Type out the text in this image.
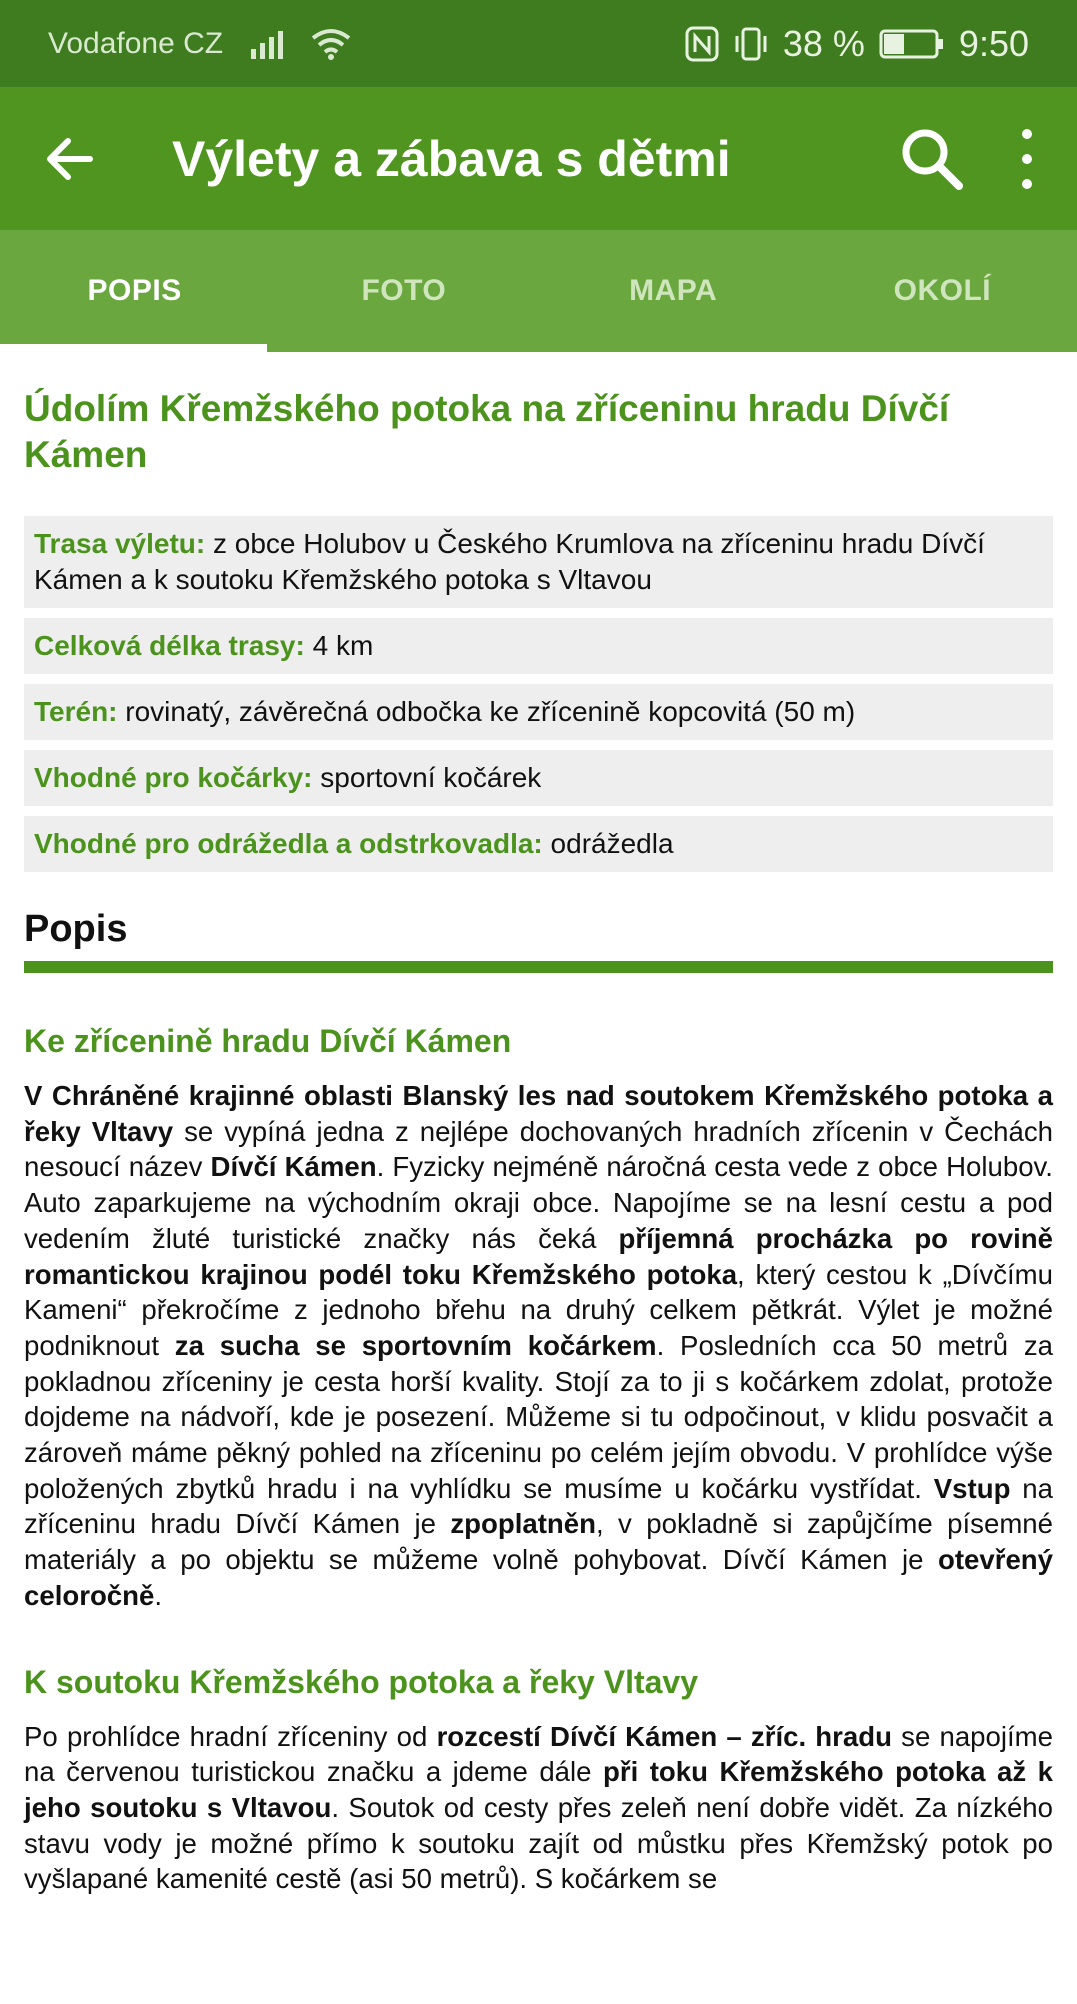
Vodafone CZ	38 %	9:50
Výlety a zábava s dětmi
POPIS	FOTO	MAPA	OKOLÍ
Údolím Křemžského potoka na zříceninu hradu Dívčí Kámen
Trasa výletu: z obce Holubov u Českého Krumlova na zříceninu hradu Dívčí Kámen a k soutoku Křemžského potoka s Vltavou
Celková délka trasy: 4 km
Terén: rovinatý, závěrečná odbočka ke zřícenině kopcovitá (50 m)
Vhodné pro kočárky: sportovní kočárek
Vhodné pro odrážedla a odstrkovadla: odrážedla
Popis
Ke zřícenině hradu Dívčí Kámen

V Chráněné krajinné oblasti Blanský les nad soutokem Křemžského potoka a řeky Vltavy se vypíná jedna z nejlépe dochovaných hradních zřícenin v Čechách nesoucí název Dívčí Kámen. Fyzicky nejméně náročná cesta vede z obce Holubov. Auto zaparkujeme na východním okraji obce. Napojíme se na lesní cestu a pod vedením žluté turistické značky nás čeká příjemná procházka po rovině romantickou krajinou podél toku Křemžského potoka, který cestou k „Dívčímu Kameni“ překročíme z jednoho břehu na druhý celkem pětkrát. Výlet je možné podniknout za sucha se sportovním kočárkem. Posledních cca 50 metrů za pokladnou zříceniny je cesta horší kvality. Stojí za to ji s kočárkem zdolat, protože dojdeme na nádvoří, kde je posezení. Můžeme si tu odpočinout, v klidu posvačit a zároveň máme pěkný pohled na zříceninu po celém jejím obvodu. V prohlídce výše položených zbytků hradu i na vyhlídku se musíme u kočárku vystřídat. Vstup na zříceninu hradu Dívčí Kámen je zpoplatněn, v pokladně si zapůjčíme písemné materiály a po objektu se můžeme volně pohybovat. Dívčí Kámen je otevřený celoročně.

K soutoku Křemžského potoka a řeky Vltavy

Po prohlídce hradní zříceniny od rozcestí Dívčí Kámen – zříc. hradu se napojíme na červenou turistickou značku a jdeme dále při toku Křemžského potoka až k jeho soutoku s Vltavou. Soutok od cesty přes zeleň není dobře vidět. Za nízkého stavu vody je možné přímo k soutoku zajít od můstku přes Křemžský potok po vyšlapané kamenité cestě (asi 50 metrů). S kočárkem se
